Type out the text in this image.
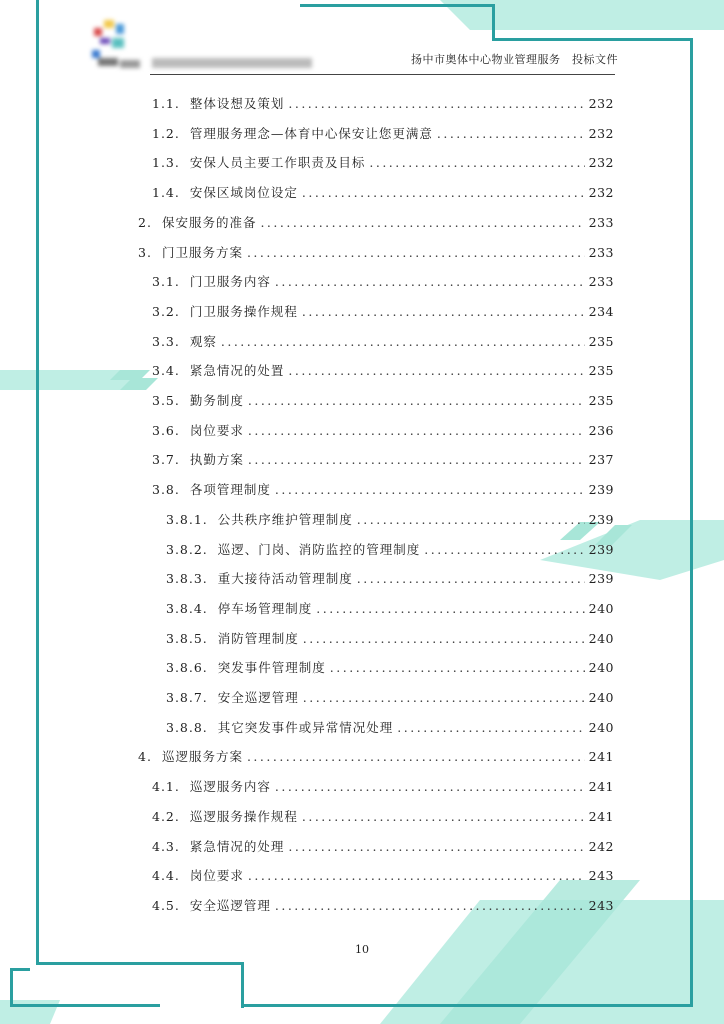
扬中市奥体中心物业管理服务　投标文件
1.1. 整体设想及策划 .....	232
1.2. 管理服务理念—体育中心保安让您更满意 .....	232
1.3. 安保人员主要工作职责及目标 .....	232
1.4. 安保区域岗位设定 .....	232
2. 保安服务的准备 .....	233
3. 门卫服务方案 .....	233
3.1. 门卫服务内容 .....	233
3.2. 门卫服务操作规程 .....	234
3.3. 观察 .....	235
3.4. 紧急情况的处置 .....	235
3.5. 勤务制度 .....	235
3.6. 岗位要求 .....	236
3.7. 执勤方案 .....	237
3.8. 各项管理制度 .....	239
3.8.1. 公共秩序维护管理制度 .....	239
3.8.2. 巡逻、门岗、消防监控的管理制度 .....	239
3.8.3. 重大接待活动管理制度 .....	239
3.8.4. 停车场管理制度 .....	240
3.8.5. 消防管理制度 .....	240
3.8.6. 突发事件管理制度 .....	240
3.8.7. 安全巡逻管理 .....	240
3.8.8. 其它突发事件或异常情况处理 .....	240
4. 巡逻服务方案 .....	241
4.1. 巡逻服务内容 .....	241
4.2. 巡逻服务操作规程 .....	241
4.3. 紧急情况的处理 .....	242
4.4. 岗位要求 .....	243
4.5. 安全巡逻管理 .....	243
10
